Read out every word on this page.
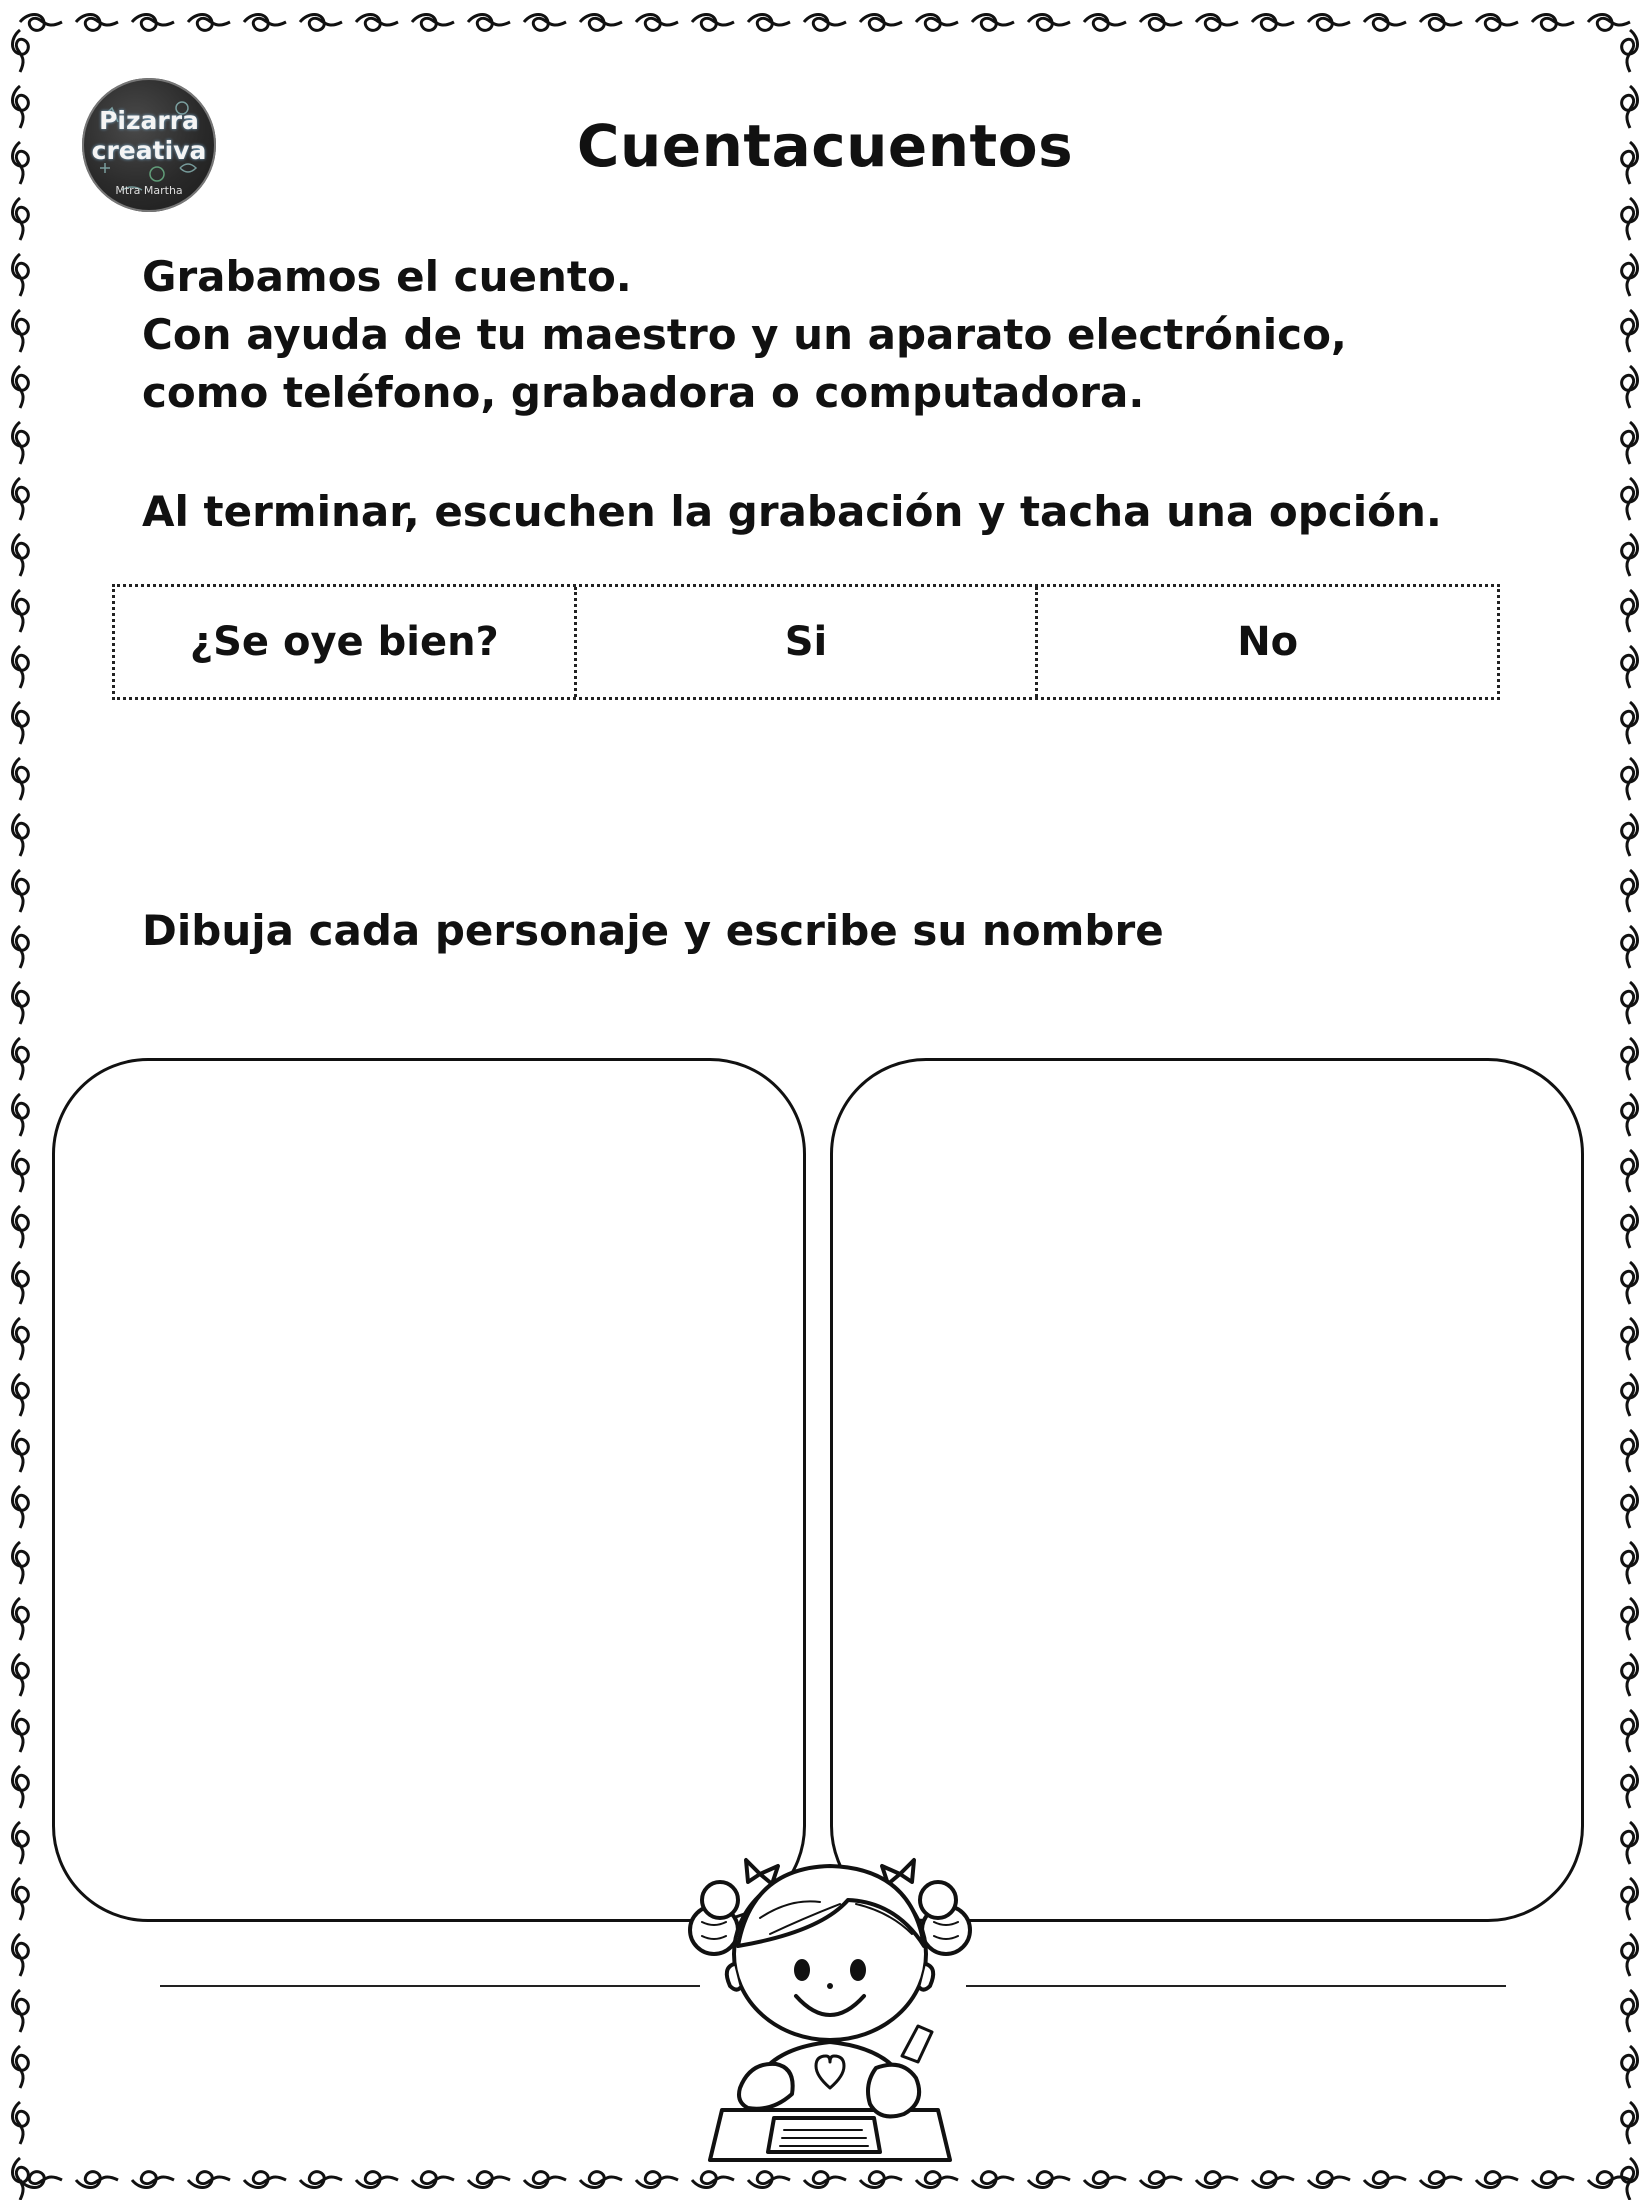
Pizarra
creativa
Mtra Martha
Cuentacuentos
Grabamos el cuento.
Con ayuda de tu maestro y un aparato electrónico,
como teléfono, grabadora o computadora.
Al terminar, escuchen la grabación y tacha una opción.
¿Se oye bien?	Si	No
Dibuja cada personaje y escribe su nombre
